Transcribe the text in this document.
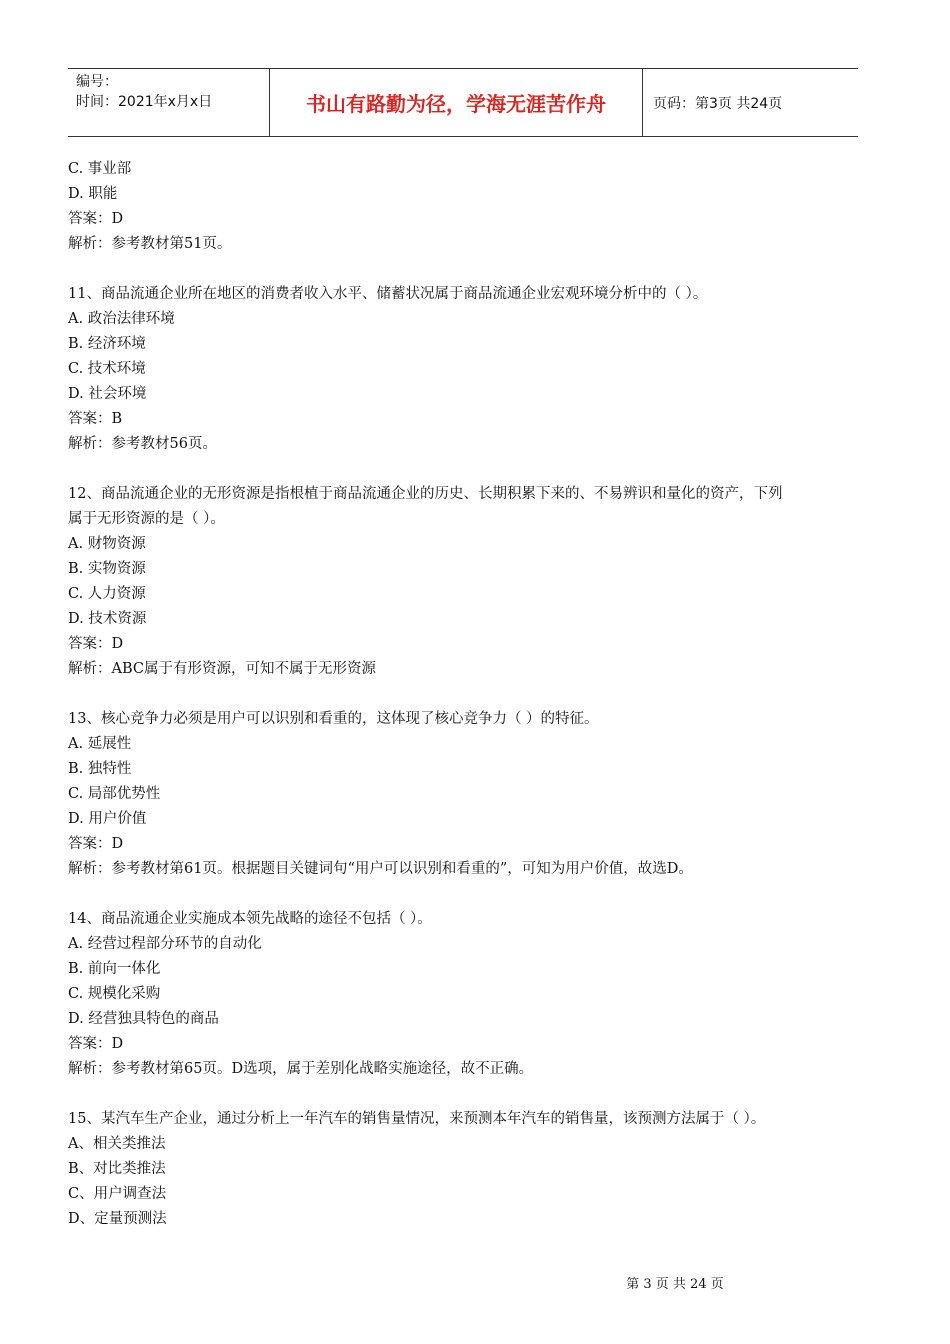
编号：
时间：2021年x月x日	书山有路勤为径，学海无涯苦作舟	页码：第3页 共24页
C. 事业部
D. 职能
答案：D
解析：参考教材第51页。
11、商品流通企业所在地区的消费者收入水平、储蓄状况属于商品流通企业宏观环境分析中的（ ）。
A. 政治法律环境
B. 经济环境
C. 技术环境
D. 社会环境
答案：B
解析：参考教材56页。
12、商品流通企业的无形资源是指根植于商品流通企业的历史、长期积累下来的、不易辨识和量化的资产，下列
属于无形资源的是（ ）。
A. 财物资源
B. 实物资源
C. 人力资源
D. 技术资源
答案：D
解析：ABC属于有形资源，可知不属于无形资源
13、核心竞争力必须是用户可以识别和看重的，这体现了核心竞争力（ ）的特征。
A. 延展性
B. 独特性
C. 局部优势性
D. 用户价值
答案：D
解析：参考教材第61页。根据题目关键词句“用户可以识别和看重的”，可知为用户价值，故选D。
14、商品流通企业实施成本领先战略的途径不包括（ ）。
A. 经营过程部分环节的自动化
B. 前向一体化
C. 规模化采购
D. 经营独具特色的商品
答案：D
解析：参考教材第65页。D选项，属于差别化战略实施途径，故不正确。
15、某汽车生产企业，通过分析上一年汽车的销售量情况，来预测本年汽车的销售量，该预测方法属于（ ）。
A、相关类推法
B、对比类推法
C、用户调查法
D、定量预测法
第 3 页 共 24 页
